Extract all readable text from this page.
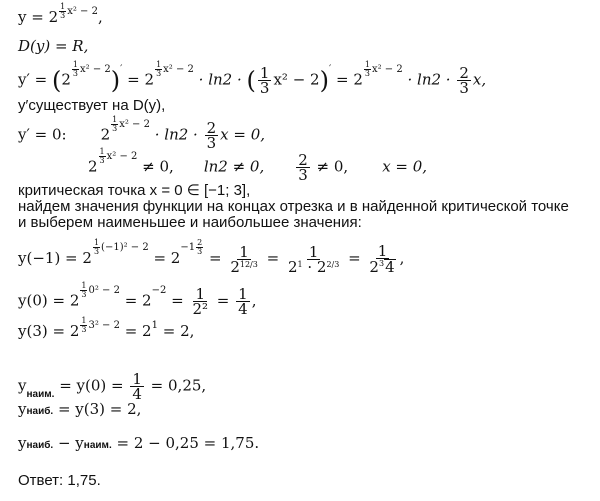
y = 2 $^{\frac{1}{3} x^2 - 2}$,
D(y) = R,
y′ = (2
$^{\frac{1}{3} x^2 - 2}$)′ = 2
$^{\frac{1}{3} x^2 - 2}$ · ln2 · ( $\frac{1}{3} x^2 - 2)' = 2$
$^{\frac{1}{3} x^2 - 2} \cdot \ln 2 \cdot \frac{2}{3} x$,
y′существует на D(y),
y′ = 0: 2
$^{\frac{1}{3} x^2 - 2} \cdot \ln 2 \cdot \frac{2}{3}$ x = 0,
2
$^{\frac{1}{3} x^2 - 2}$ ≠ 0, ln2 ≠ 0, $\frac{2}{3} \ne 0$, x = 0,
критическая точка x = 0 ∈ [−1; 3],
найдем значения функции на концах отрезка и в найденной критической точке
и выберем наименьшее и наибольшее значения:
y(−1) = 2
$^{\frac{1}{3} (-1)^2 - 2} = 2^{-1 \frac{2}{3}}$
= $\frac{1}{2^{12/3}} = \frac{1}{2^1 \cdot 2^{2/3}} = \frac{1}{2^34}$ ,
y(0) = 2
$^{\frac{1}{3} 0^2 - 2} = 2^{-2} = \frac{1}{\text{2²}} = \frac{1}{4}$ ,
y(3) = 2 $^{\frac{1}{3} 3^2 - 2} = 2^1 = 2$,
$y_{наим.} = y(0) = \frac{1}{4} = 0,25$,
$y_{наиб.} = y(3) = 2$,
$y_{наиб.} - y_{наим.} = 2 - 0,25 = 1,75$.
Ответ: 1,75.
